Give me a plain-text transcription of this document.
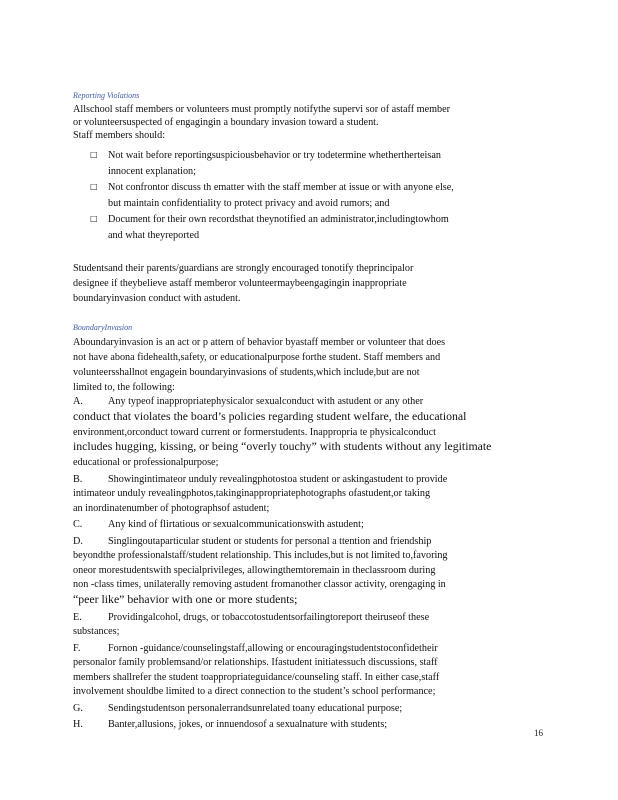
Reporting Violations
Allschool staff members or volunteers must promptly notifythe supervi sor of astaff member
or volunteersuspected of engagingin a boundary invasion toward a student.
Staff members should:
□ Not wait before reportingsuspiciousbehavior or try todetermine whethertherteisan
innocent explanation;
□ Not confrontor discuss th ematter with the staff member at issue or with anyone else,
but maintain confidentiality to protect privacy and avoid rumors; and
□ Document for their own recordsthat theynotified an administrator,includingtowhom
and what theyreported
Studentsand their parents/guardians are strongly encouraged tonotify theprincipalor
designee if theybelieve astaff memberor volunteermaybeengagingin inappropriate
boundaryinvasion conduct with astudent.
BoundaryInvasion
Aboundaryinvasion is an act or p attern of behavior byastaff member or volunteer that does
not have abona fidehealth,safety, or educationalpurpose forthe student. Staff members and
volunteersshallnot engagein boundaryinvasions of students,which include,but are not
limited to, the following:
A. Any typeof inappropriatephysicalor sexualconduct with astudent or any other
conduct that violates the board’s policies regarding student welfare, the educational
environment,orconduct toward current or formerstudents. Inappropria te physicalconduct
includes hugging, kissing, or being “overly touchy” with students without any legitimate
educational or professionalpurpose;
B.	Showingintimateor unduly revealingphotostoa student or askingastudent to provide
intimateor unduly revealingphotos,takinginappropriatephotographs ofastudent,or taking
an inordinatenumber of photographsof astudent;
C.	Any kind of flirtatious or sexualcommunicationswith astudent;
D. Singlingoutaparticular student or students for personal a ttention and friendship
beyondthe professionalstaff/student relationship. This includes,but is not limited to,favoring
oneor morestudentswith specialprivileges, allowingthemtoremain in theclassroom during
non -class times, unilaterally removing astudent fromanother classor activity, orengaging in
“peer like” behavior with one or more students;
E.	Providingalcohol, drugs, or tobaccotostudentsorfailingtoreport theiruseof these
substances;
F.	Fornon -guidance/counselingstaff,allowing or encouragingstudentstoconfidetheir
personalor family problemsand/or relationships. Ifastudent initiatessuch discussions, staff
members shallrefer the student toappropriateguidance/counseling staff. In either case,staff
involvement shouldbe limited to a direct connection to the student’s school performance;
G. Sendingstudentson personalerrandsunrelated toany educational purpose;
H. Banter,allusions, jokes, or innuendosof a sexualnature with students;
16
